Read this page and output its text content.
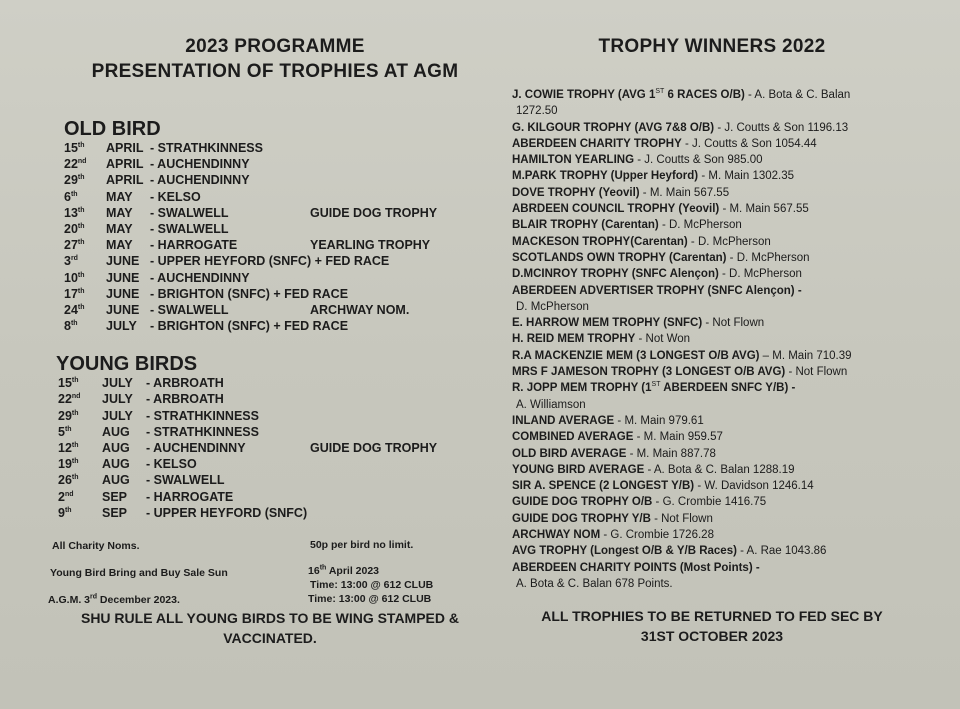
2023 PROGRAMME
PRESENTATION OF TROPHIES AT AGM
OLD BIRD
15th APRIL - STRATHKINNESS
22nd APRIL - AUCHENDINNY
29th APRIL - AUCHENDINNY
6th MAY - KELSO
13th MAY - SWALWELL	GUIDE DOG TROPHY
20th MAY - SWALWELL
27th MAY - HARROGATE	YEARLING TROPHY
3rd JUNE - UPPER HEYFORD (SNFC) + FED RACE
10th JUNE - AUCHENDINNY
17th JUNE - BRIGHTON (SNFC) + FED RACE
24th JUNE - SWALWELL	ARCHWAY NOM.
8th JULY - BRIGHTON (SNFC) + FED RACE
YOUNG BIRDS
15th JULY - ARBROATH
22nd JULY - ARBROATH
29th JULY - STRATHKINNESS
5th AUG - STRATHKINNESS
12th AUG - AUCHENDINNY	GUIDE DOG TROPHY
19th AUG - KELSO
26th AUG - SWALWELL
2nd SEP - HARROGATE
9th SEP - UPPER HEYFORD (SNFC)
All Charity Noms.	50p per bird no limit.
Young Bird Bring and Buy Sale Sun	16th April 2023
Time: 13:00 @ 612 CLUB
A.G.M. 3rd December 2023.	Time: 13:00 @ 612 CLUB
SHU RULE ALL YOUNG BIRDS TO BE WING STAMPED &
VACCINATED.
TROPHY WINNERS 2022
J. COWIE TROPHY (AVG 1ST 6 RACES O/B) - A. Bota & C. Balan
1272.50
G. KILGOUR TROPHY (AVG 7&8 O/B) - J. Coutts & Son 1196.13
ABERDEEN CHARITY TROPHY - J. Coutts & Son 1054.44
HAMILTON YEARLING - J. Coutts & Son 985.00
M.PARK TROPHY (Upper Heyford) - M. Main 1302.35
DOVE TROPHY (Yeovil) - M. Main 567.55
ABRDEEN COUNCIL TROPHY (Yeovil) - M. Main 567.55
BLAIR TROPHY (Carentan) - D. McPherson
MACKESON TROPHY(Carentan) - D. McPherson
SCOTLANDS OWN TROPHY (Carentan) - D. McPherson
D.MCINROY TROPHY (SNFC Alençon) - D. McPherson
ABERDEEN ADVERTISER TROPHY (SNFC Alençon) -
D. McPherson
E. HARROW MEM TROPHY (SNFC) - Not Flown
H. REID MEM TROPHY - Not Won
R.A MACKENZIE MEM (3 LONGEST O/B AVG) – M. Main 710.39
MRS F JAMESON TROPHY (3 LONGEST O/B AVG) - Not Flown
R. JOPP MEM TROPHY (1ST ABERDEEN SNFC Y/B) -
A. Williamson
INLAND AVERAGE - M. Main 979.61
COMBINED AVERAGE - M. Main 959.57
OLD BIRD AVERAGE - M. Main 887.78
YOUNG BIRD AVERAGE - A. Bota & C. Balan 1288.19
SIR A. SPENCE (2 LONGEST Y/B) - W. Davidson 1246.14
GUIDE DOG TROPHY O/B - G. Crombie 1416.75
GUIDE DOG TROPHY Y/B - Not Flown
ARCHWAY NOM - G. Crombie 1726.28
AVG TROPHY (Longest O/B & Y/B Races) - A. Rae 1043.86
ABERDEEN CHARITY POINTS (Most Points) -
A. Bota & C. Balan 678 Points.
ALL TROPHIES TO BE RETURNED TO FED SEC BY
31ST OCTOBER 2023
